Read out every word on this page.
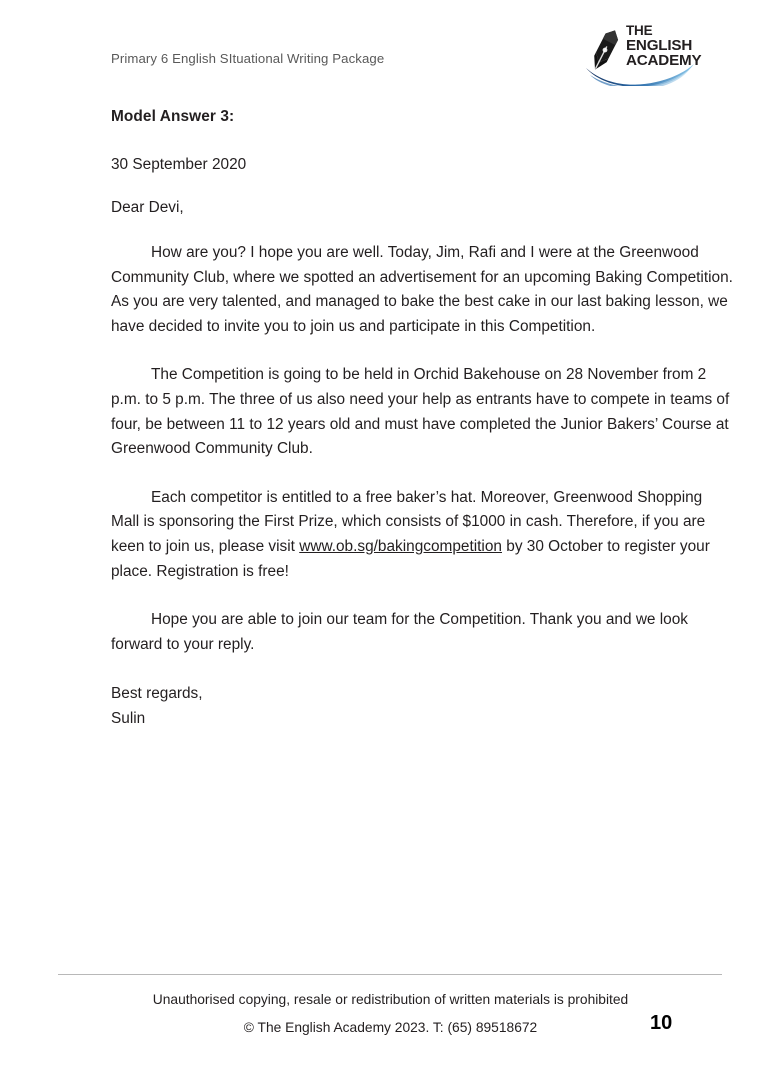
Primary 6 English SItuational Writing Package
THE
ENGLISH
ACADEMY
Model Answer 3:
30 September 2020
Dear Devi,

How are you? I hope you are well. Today, Jim, Rafi and I were at the Greenwood Community Club, where we spotted an advertisement for an upcoming Baking Competition. As you are very talented, and managed to bake the best cake in our last baking lesson, we have decided to invite you to join us and participate in this Competition.

The Competition is going to be held in Orchid Bakehouse on 28 November from 2 p.m. to 5 p.m. The three of us also need your help as entrants have to compete in teams of four, be between 11 to 12 years old and must have completed the Junior Bakers’ Course at Greenwood Community Club.

Each competitor is entitled to a free baker’s hat. Moreover, Greenwood Shopping Mall is sponsoring the First Prize, which consists of $1000 in cash. Therefore, if you are keen to join us, please visit www.ob.sg/bakingcompetition by 30 October to register your place. Registration is free!

Hope you are able to join our team for the Competition. Thank you and we look forward to your reply.

Best regards,
Sulin
Unauthorised copying, resale or redistribution of written materials is prohibited
© The English Academy 2023. T: (65) 89518672	10
